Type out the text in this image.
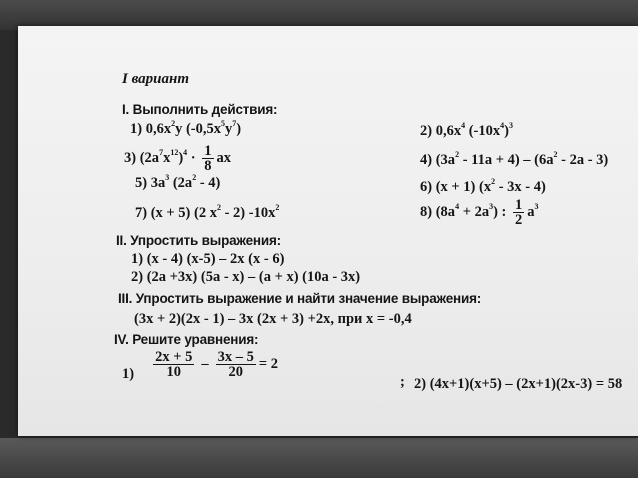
I вариант
I. Выполнить действия:
1) $0,6x^2y$ $(-0,5x^5y^7)$	2) $0,6x^4$ $(-10x^4)^3$
3) $(2a^7x^{12})^4 \cdot \frac{1}{8}$ ax	4) $(3a^2 - 11a + 4) - (6a^2 - 2a - 3)$
5) $3a^3$ $(2a^2 - 4)$	6) (x + 1) $(x^2 - 3x - 4)$
7) (x + 5) (2 $x^2 - 2$) $-10x^2$	8) $(8a^4 + 2a^3)$ : $\frac{1}{2} a^3$
II. Упростить выражения:
1) (x - 4) (x-5) – 2x (x - 6)
2) (2a +3x) (5a - x) – (a + x) (10a - 3x)
III. Упростить выражение и найти значение выражения:
(3x + 2)(2x - 1) – 3x (2x + 3) +2x, при x = -0,4
IV. Решите уравнения:
$1) \frac{2x + 5}{10} - \frac{3x - 5}{20} = 2$
; 2) (4x+1)(x+5) – (2x+1)(2x-3) = 58
